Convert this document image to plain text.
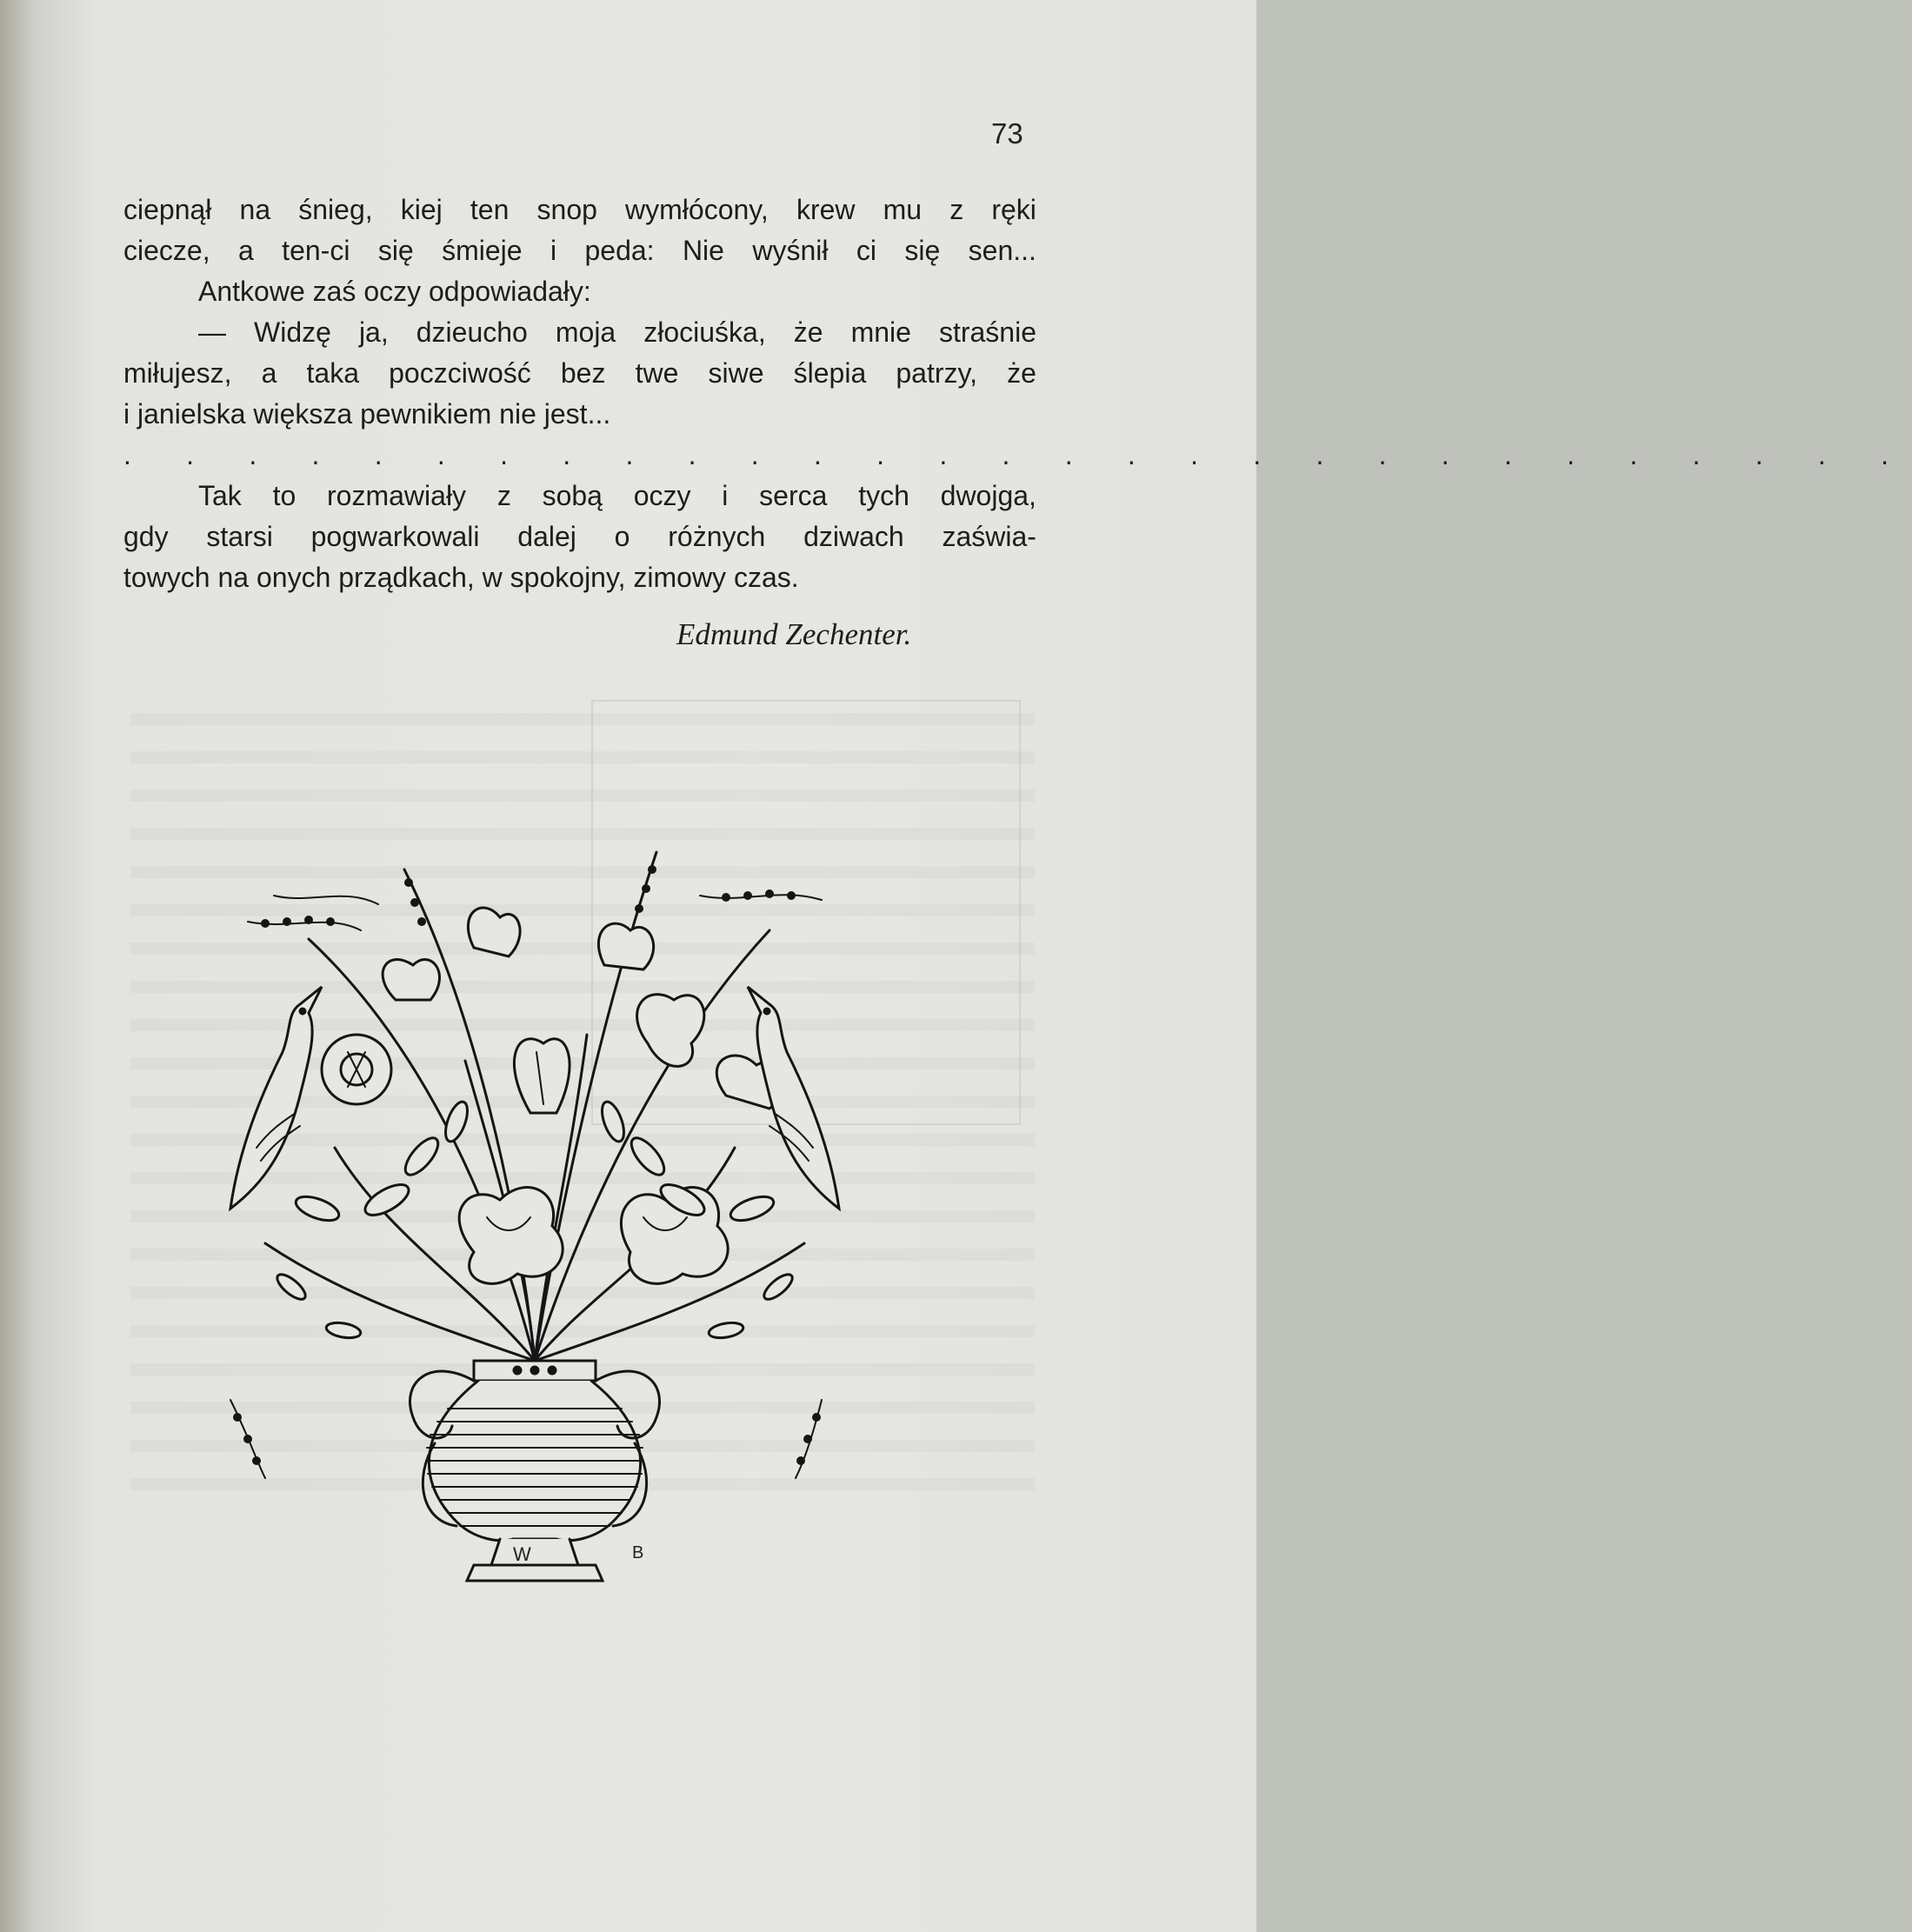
73
ciepnął na śnieg, kiej ten snop wymłócony, krew mu z ręki
ciecze, a ten-ci się śmieje i peda: Nie wyśnił ci się sen...
Antkowe zaś oczy odpowiadały:
— Widzę ja, dzieucho moja złociuśka, że mnie straśnie
miłujesz, a taka poczciwość bez twe siwe ślepia patrzy, że
i janielska większa pewnikiem nie jest...
. . . . . . . . . . . . . . . . . . . . . . . . . . . . .
Tak to rozmawiały z sobą oczy i serca tych dwojga,
gdy starsi pogwarkowali dalej o różnych dziwach zaświa-
towych na onych prządkach, w spokojny, zimowy czas.
Edmund Zechenter.
W	B
